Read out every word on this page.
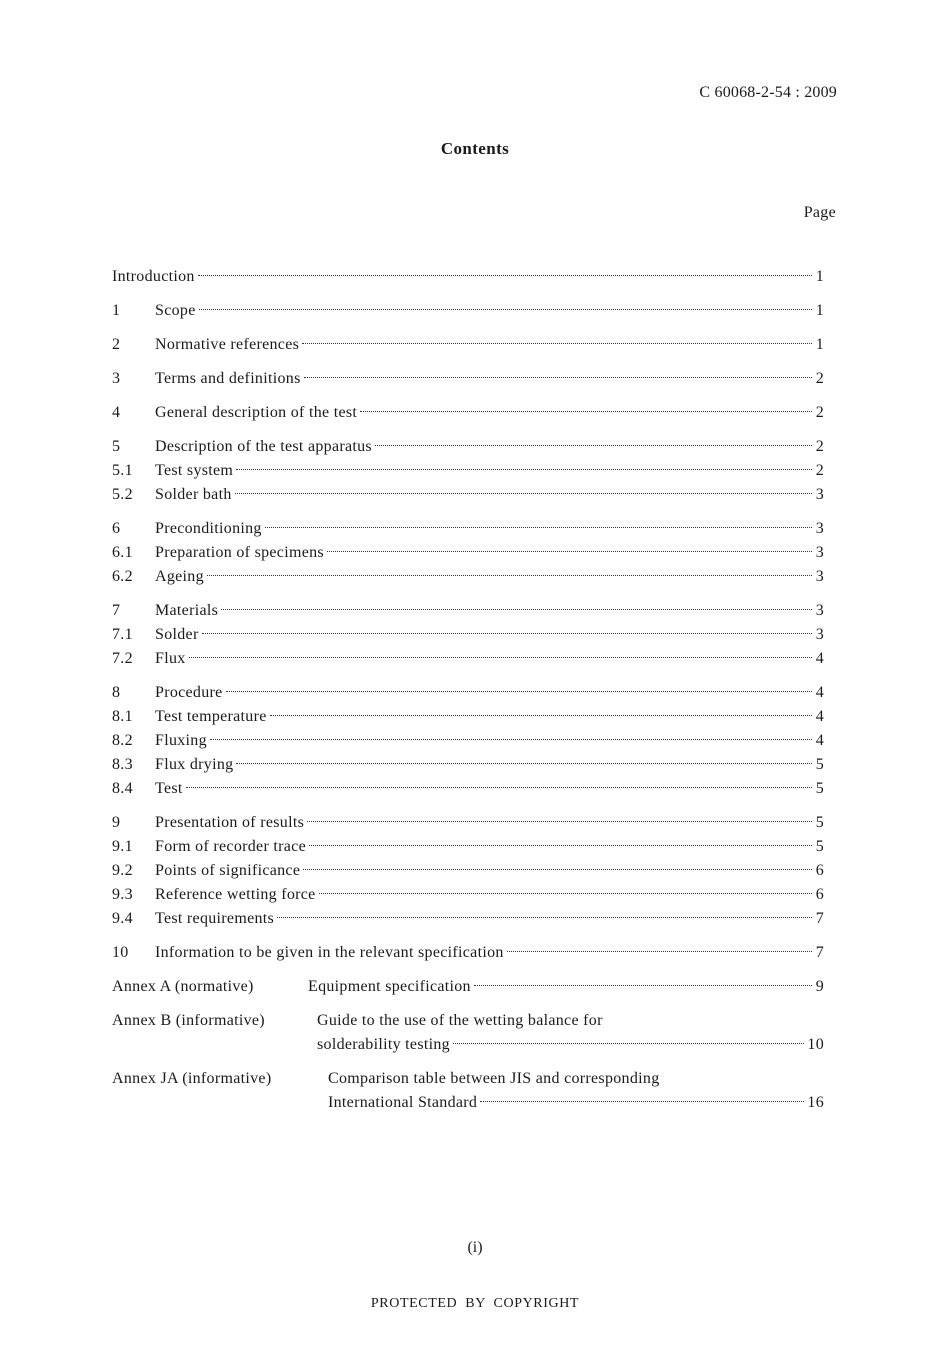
C 60068-2-54 : 2009
Contents
Page
Introduction	1
1	Scope	1
2	Normative references	1
3	Terms and definitions	2
4	General description of the test	2
5	Description of the test apparatus	2
5.1	Test system	2
5.2	Solder bath	3
6	Preconditioning	3
6.1	Preparation of specimens	3
6.2	Ageing	3
7	Materials	3
7.1	Solder	3
7.2	Flux	4
8	Procedure	4
8.1	Test temperature	4
8.2	Fluxing	4
8.3	Flux drying	5
8.4	Test	5
9	Presentation of results	5
9.1	Form of recorder trace	5
9.2	Points of significance	6
9.3	Reference wetting force	6
9.4	Test requirements	7
10	Information to be given in the relevant specification	7
Annex A (normative)	Equipment specification	9
Annex B (informative)	Guide to the use of the wetting balance for
solderability testing	10
Annex JA (informative)	Comparison table between JIS and corresponding
International Standard	16
(i)
PROTECTED BY COPYRIGHT
